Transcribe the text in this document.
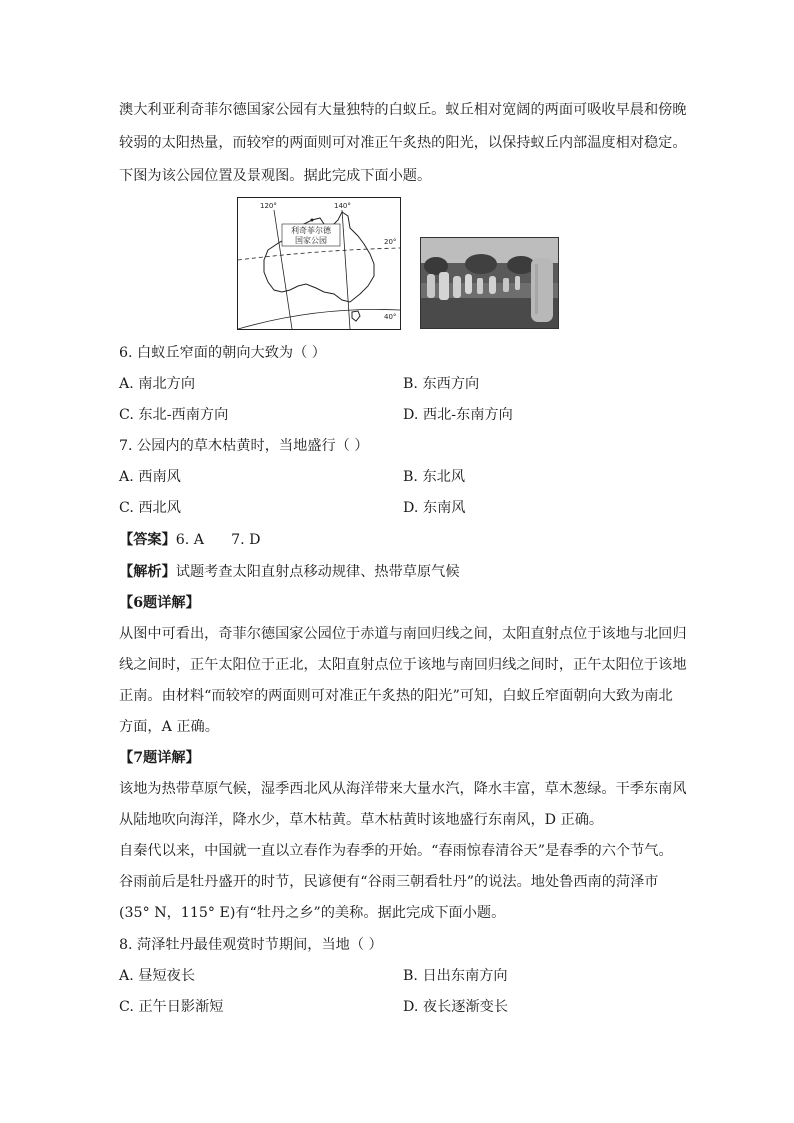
澳大利亚利奇菲尔德国家公园有大量独特的白蚁丘。蚁丘相对宽阔的两面可吸收早晨和傍晚
较弱的太阳热量，而较窄的两面则可对准正午炙热的阳光，以保持蚁丘内部温度相对稳定。
下图为该公园位置及景观图。据此完成下面小题。
利奇菲尔德
国家公园
120°	140°
20°
40°
6. 白蚁丘窄面的朝向大致为（ ）
A. 南北方向	B. 东西方向
C. 东北-西南方向	D. 西北-东南方向
7. 公园内的草木枯黄时，当地盛行（ ）
A. 西南风	B. 东北风
C. 西北风	D. 东南风
【答案】6. A      7. D
【解析】试题考查太阳直射点移动规律、热带草原气候
【6题详解】
从图中可看出，奇菲尔德国家公园位于赤道与南回归线之间，太阳直射点位于该地与北回归
线之间时，正午太阳位于正北，太阳直射点位于该地与南回归线之间时，正午太阳位于该地
正南。由材料“而较窄的两面则可对准正午炙热的阳光”可知，白蚁丘窄面朝向大致为南北
方面，A 正确。
【7题详解】
该地为热带草原气候，湿季西北风从海洋带来大量水汽，降水丰富，草木葱绿。干季东南风
从陆地吹向海洋，降水少，草木枯黄。草木枯黄时该地盛行东南风，D 正确。
自秦代以来，中国就一直以立春作为春季的开始。“春雨惊春清谷天”是春季的六个节气。
谷雨前后是牡丹盛开的时节，民谚便有“谷雨三朝看牡丹”的说法。地处鲁西南的菏泽市
(35° N，115° E)有“牡丹之乡”的美称。据此完成下面小题。
8. 菏泽牡丹最佳观赏时节期间，当地（ ）
A. 昼短夜长	B. 日出东南方向
C. 正午日影渐短	D. 夜长逐渐变长
